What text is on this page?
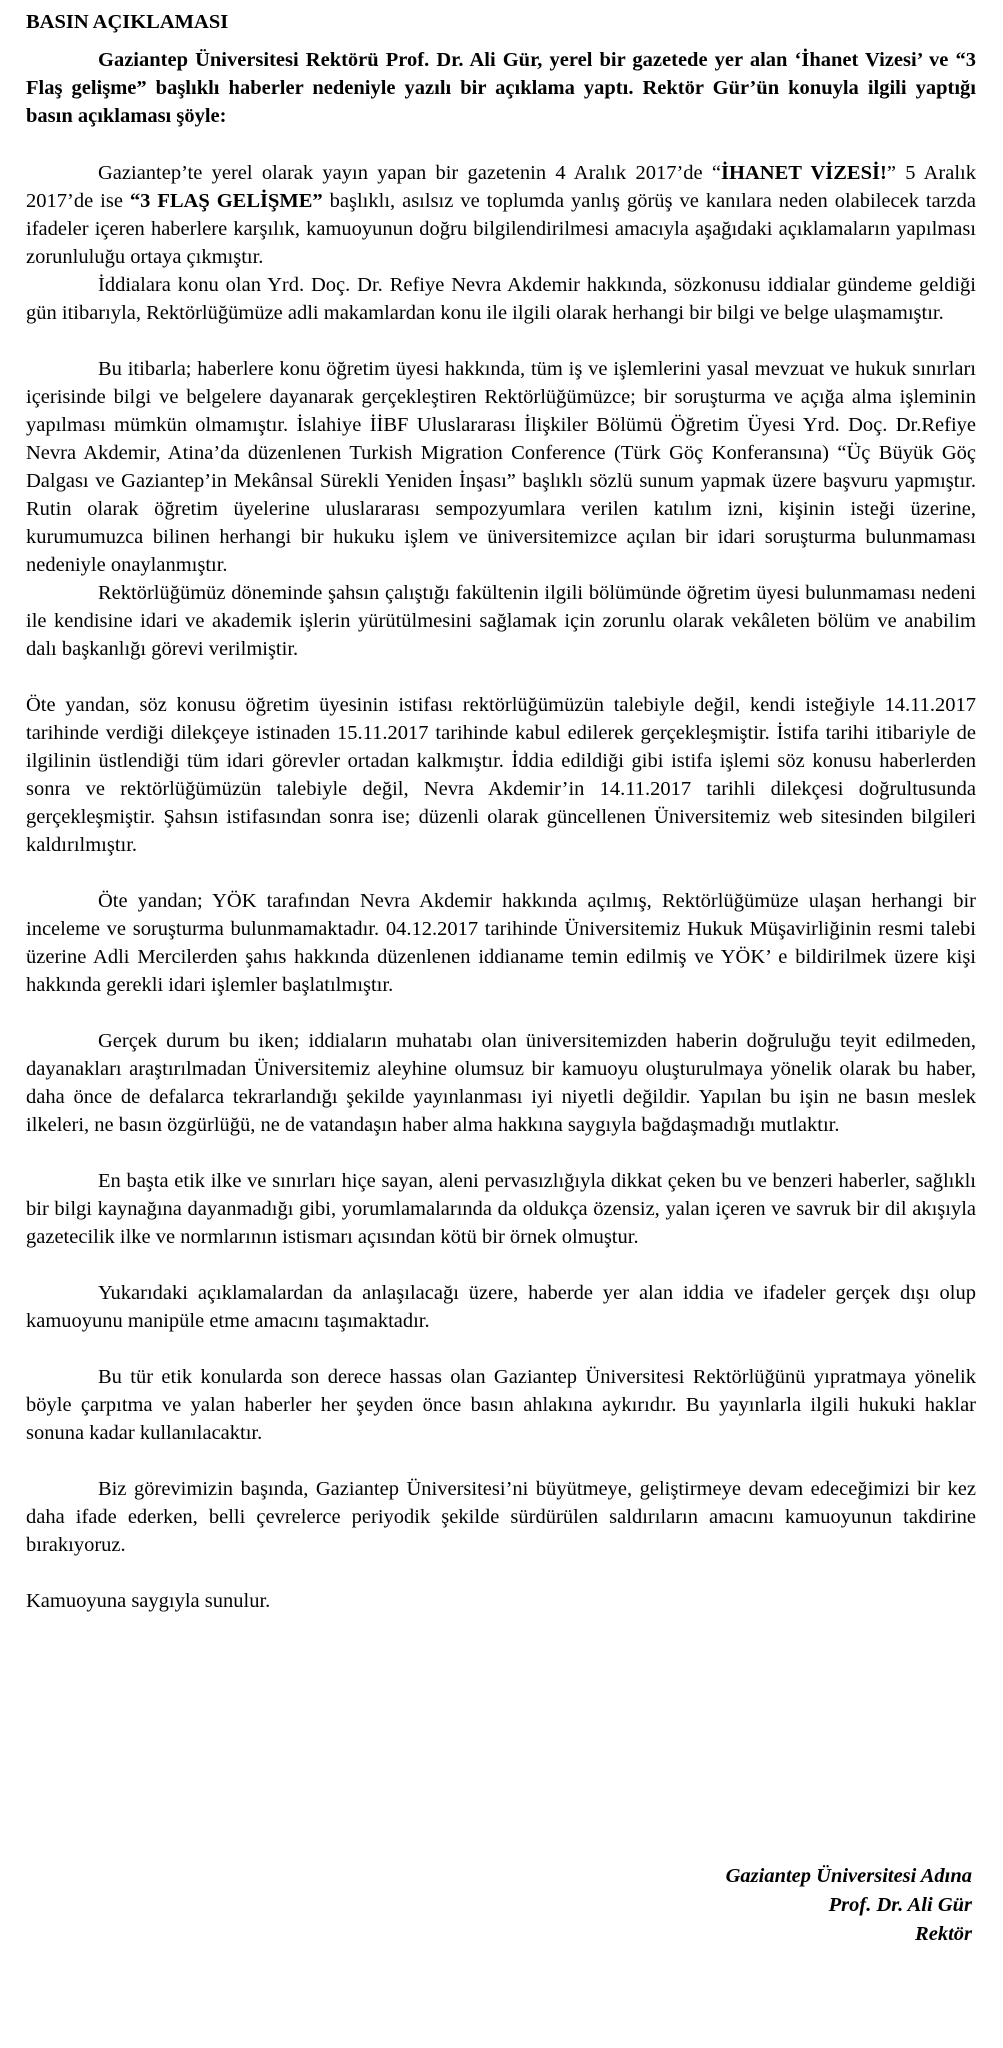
BASIN AÇIKLAMASI
Gaziantep Üniversitesi Rektörü Prof. Dr. Ali Gür, yerel bir gazetede yer alan ‘İhanet Vizesi’ ve “3 Flaş gelişme” başlıklı haberler nedeniyle yazılı bir açıklama yaptı. Rektör Gür’ün konuyla ilgili yaptığı basın açıklaması şöyle:

Gaziantep’te yerel olarak yayın yapan bir gazetenin 4 Aralık 2017’de “İHANET VİZESİ!” 5 Aralık 2017’de ise “3 FLAŞ GELİŞME” başlıklı, asılsız ve toplumda yanlış görüş ve kanılara neden olabilecek tarzda ifadeler içeren haberlere karşılık, kamuoyunun doğru bilgilendirilmesi amacıyla aşağıdaki açıklamaların yapılması zorunluluğu ortaya çıkmıştır.

İddialara konu olan Yrd. Doç. Dr. Refiye Nevra Akdemir hakkında, sözkonusu iddialar gündeme geldiği gün itibarıyla, Rektörlüğümüze adli makamlardan konu ile ilgili olarak herhangi bir bilgi ve belge ulaşmamıştır.

Bu itibarla; haberlere konu öğretim üyesi hakkında, tüm iş ve işlemlerini yasal mevzuat ve hukuk sınırları içerisinde bilgi ve belgelere dayanarak gerçekleştiren Rektörlüğümüzce; bir soruşturma ve açığa alma işleminin yapılması mümkün olmamıştır. İslahiye İİBF Uluslararası İlişkiler Bölümü Öğretim Üyesi Yrd. Doç. Dr.Refiye Nevra Akdemir, Atina’da düzenlenen Turkish Migration Conference (Türk Göç Konferansına) “Üç Büyük Göç Dalgası ve Gaziantep’in Mekânsal Sürekli Yeniden İnşası” başlıklı sözlü sunum yapmak üzere başvuru yapmıştır. Rutin olarak öğretim üyelerine uluslararası sempozyumlara verilen katılım izni, kişinin isteği üzerine, kurumumuzca bilinen herhangi bir hukuku işlem ve üniversitemizce açılan bir idari soruşturma bulunmaması nedeniyle onaylanmıştır.

Rektörlüğümüz döneminde şahsın çalıştığı fakültenin ilgili bölümünde öğretim üyesi bulunmaması nedeni ile kendisine idari ve akademik işlerin yürütülmesini sağlamak için zorunlu olarak vekâleten bölüm ve anabilim dalı başkanlığı görevi verilmiştir.

Öte yandan, söz konusu öğretim üyesinin istifası rektörlüğümüzün talebiyle değil, kendi isteğiyle 14.11.2017 tarihinde verdiği dilekçeye istinaden 15.11.2017 tarihinde kabul edilerek gerçekleşmiştir. İstifa tarihi itibariyle de ilgilinin üstlendiği tüm idari görevler ortadan kalkmıştır. İddia edildiği gibi istifa işlemi söz konusu haberlerden sonra ve rektörlüğümüzün talebiyle değil, Nevra Akdemir’in 14.11.2017 tarihli dilekçesi doğrultusunda gerçekleşmiştir. Şahsın istifasından sonra ise; düzenli olarak güncellenen Üniversitemiz web sitesinden bilgileri kaldırılmıştır.

Öte yandan; YÖK tarafından Nevra Akdemir hakkında açılmış, Rektörlüğümüze ulaşan herhangi bir inceleme ve soruşturma bulunmamaktadır. 04.12.2017 tarihinde Üniversitemiz Hukuk Müşavirliğinin resmi talebi üzerine Adli Mercilerden şahıs hakkında düzenlenen iddianame temin edilmiş ve YÖK’ e bildirilmek üzere kişi hakkında gerekli idari işlemler başlatılmıştır.

Gerçek durum bu iken; iddiaların muhatabı olan üniversitemizden haberin doğruluğu teyit edilmeden, dayanakları araştırılmadan Üniversitemiz aleyhine olumsuz bir kamuoyu oluşturulmaya yönelik olarak bu haber, daha önce de defalarca tekrarlandığı şekilde yayınlanması iyi niyetli değildir. Yapılan bu işin ne basın meslek ilkeleri, ne basın özgürlüğü, ne de vatandaşın haber alma hakkına saygıyla bağdaşmadığı mutlaktır.

En başta etik ilke ve sınırları hiçe sayan, aleni pervasızlığıyla dikkat çeken bu ve benzeri haberler, sağlıklı bir bilgi kaynağına dayanmadığı gibi, yorumlamalarında da oldukça özensiz, yalan içeren ve savruk bir dil akışıyla gazetecilik ilke ve normlarının istismarı açısından kötü bir örnek olmuştur.

Yukarıdaki açıklamalardan da anlaşılacağı üzere, haberde yer alan iddia ve ifadeler gerçek dışı olup kamuoyunu manipüle etme amacını taşımaktadır.

Bu tür etik konularda son derece hassas olan Gaziantep Üniversitesi Rektörlüğünü yıpratmaya yönelik böyle çarpıtma ve yalan haberler her şeyden önce basın ahlakına aykırıdır. Bu yayınlarla ilgili hukuki haklar sonuna kadar kullanılacaktır.

Biz görevimizin başında, Gaziantep Üniversitesi’ni büyütmeye, geliştirmeye devam edeceğimizi bir kez daha ifade ederken, belli çevrelerce periyodik şekilde sürdürülen saldırıların amacını kamuoyunun takdirine bırakıyoruz.

Kamuoyuna saygıyla sunulur.

Gaziantep Üniversitesi Adına
Prof. Dr. Ali Gür
Rektör
